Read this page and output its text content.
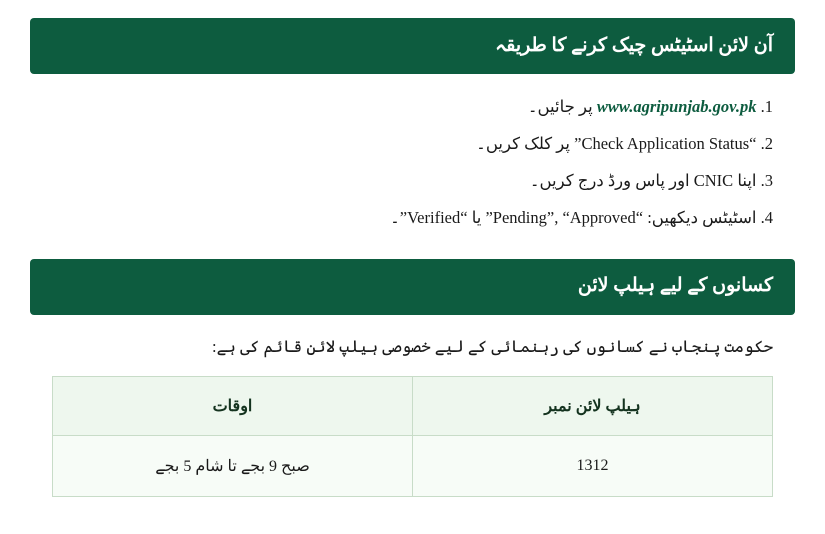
آن لائن اسٹیٹس چیک کرنے کا طریقہ
1. www.agripunjab.gov.pk پر جائیں۔
2. “Check Application Status” پر کلک کریں۔
3. اپنا CNIC اور پاس ورڈ درج کریں۔
4. اسٹیٹس دیکھیں: “Pending”, “Approved” یا “Verified”۔
کسانوں کے لیے ہیلپ لائن
حکومت پنجاب نے کسانوں کی رہنمائی کے لیے خصوصی ہیلپ لائن قائم کی ہے:
ہیلپ لائن نمبر	اوقات
1312	صبح 9 بجے تا شام 5 بجے
